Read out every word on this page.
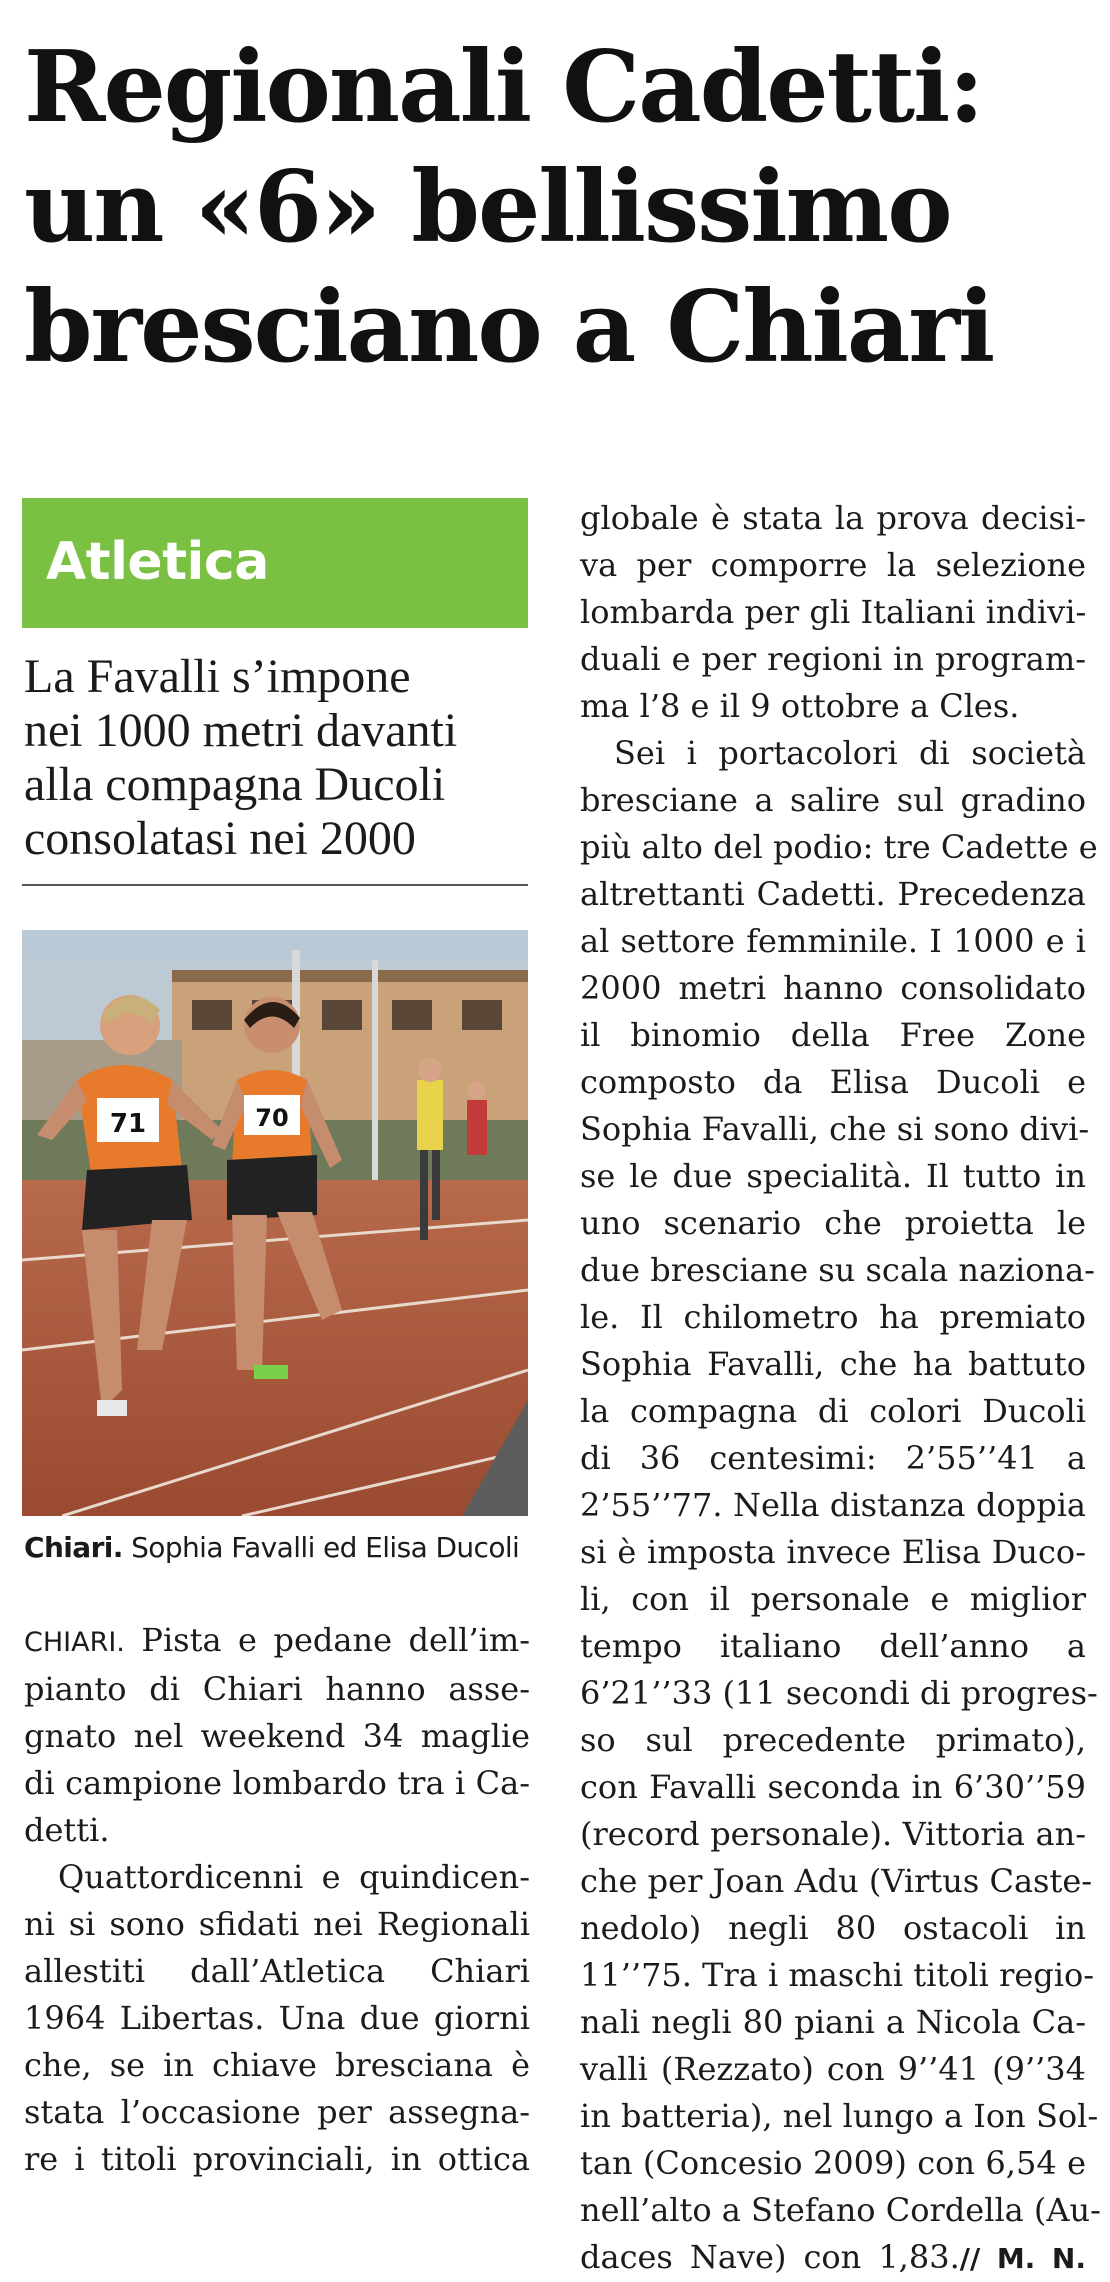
Regionali Cadetti:
un «6» bellissimo
bresciano a Chiari
Atletica
La Favalli s’impone
nei 1000 metri davanti
alla compagna Ducoli
consolatasi nei 2000
71	70
Chiari. Sophia Favalli ed Elisa Ducoli
CHIARI. Pista e pedane dell’im-
pianto di Chiari hanno asse-
gnato nel weekend 34 maglie
di campione lombardo tra i Ca-
detti.
Quattordicenni e quindicen-
ni si sono sfidati nei Regionali
allestiti dall’Atletica Chiari
1964 Libertas. Una due giorni
che, se in chiave bresciana è
stata l’occasione per assegna-
re i titoli provinciali, in ottica
globale è stata la prova decisi-
va per comporre la selezione
lombarda per gli Italiani indivi-
duali e per regioni in program-
ma l’8 e il 9 ottobre a Cles.
Sei i portacolori di società
bresciane a salire sul gradino
più alto del podio: tre Cadette e
altrettanti Cadetti. Precedenza
al settore femminile. I 1000 e i
2000 metri hanno consolidato
il binomio della Free Zone
composto da Elisa Ducoli e
Sophia Favalli, che si sono divi-
se le due specialità. Il tutto in
uno scenario che proietta le
due bresciane su scala naziona-
le. Il chilometro ha premiato
Sophia Favalli, che ha battuto
la compagna di colori Ducoli
di 36 centesimi: 2’55’’41 a
2’55’’77. Nella distanza doppia
si è imposta invece Elisa Duco-
li, con il personale e miglior
tempo italiano dell’anno a
6’21’’33 (11 secondi di progres-
so sul precedente primato),
con Favalli seconda in 6’30’’59
(record personale). Vittoria an-
che per Joan Adu (Virtus Caste-
nedolo) negli 80 ostacoli in
11’’75. Tra i maschi titoli regio-
nali negli 80 piani a Nicola Ca-
valli (Rezzato) con 9’’41 (9’’34
in batteria), nel lungo a Ion Sol-
tan (Concesio 2009) con 6,54 e
nell’alto a Stefano Cordella (Au-
daces Nave) con 1,83.// M. N.
